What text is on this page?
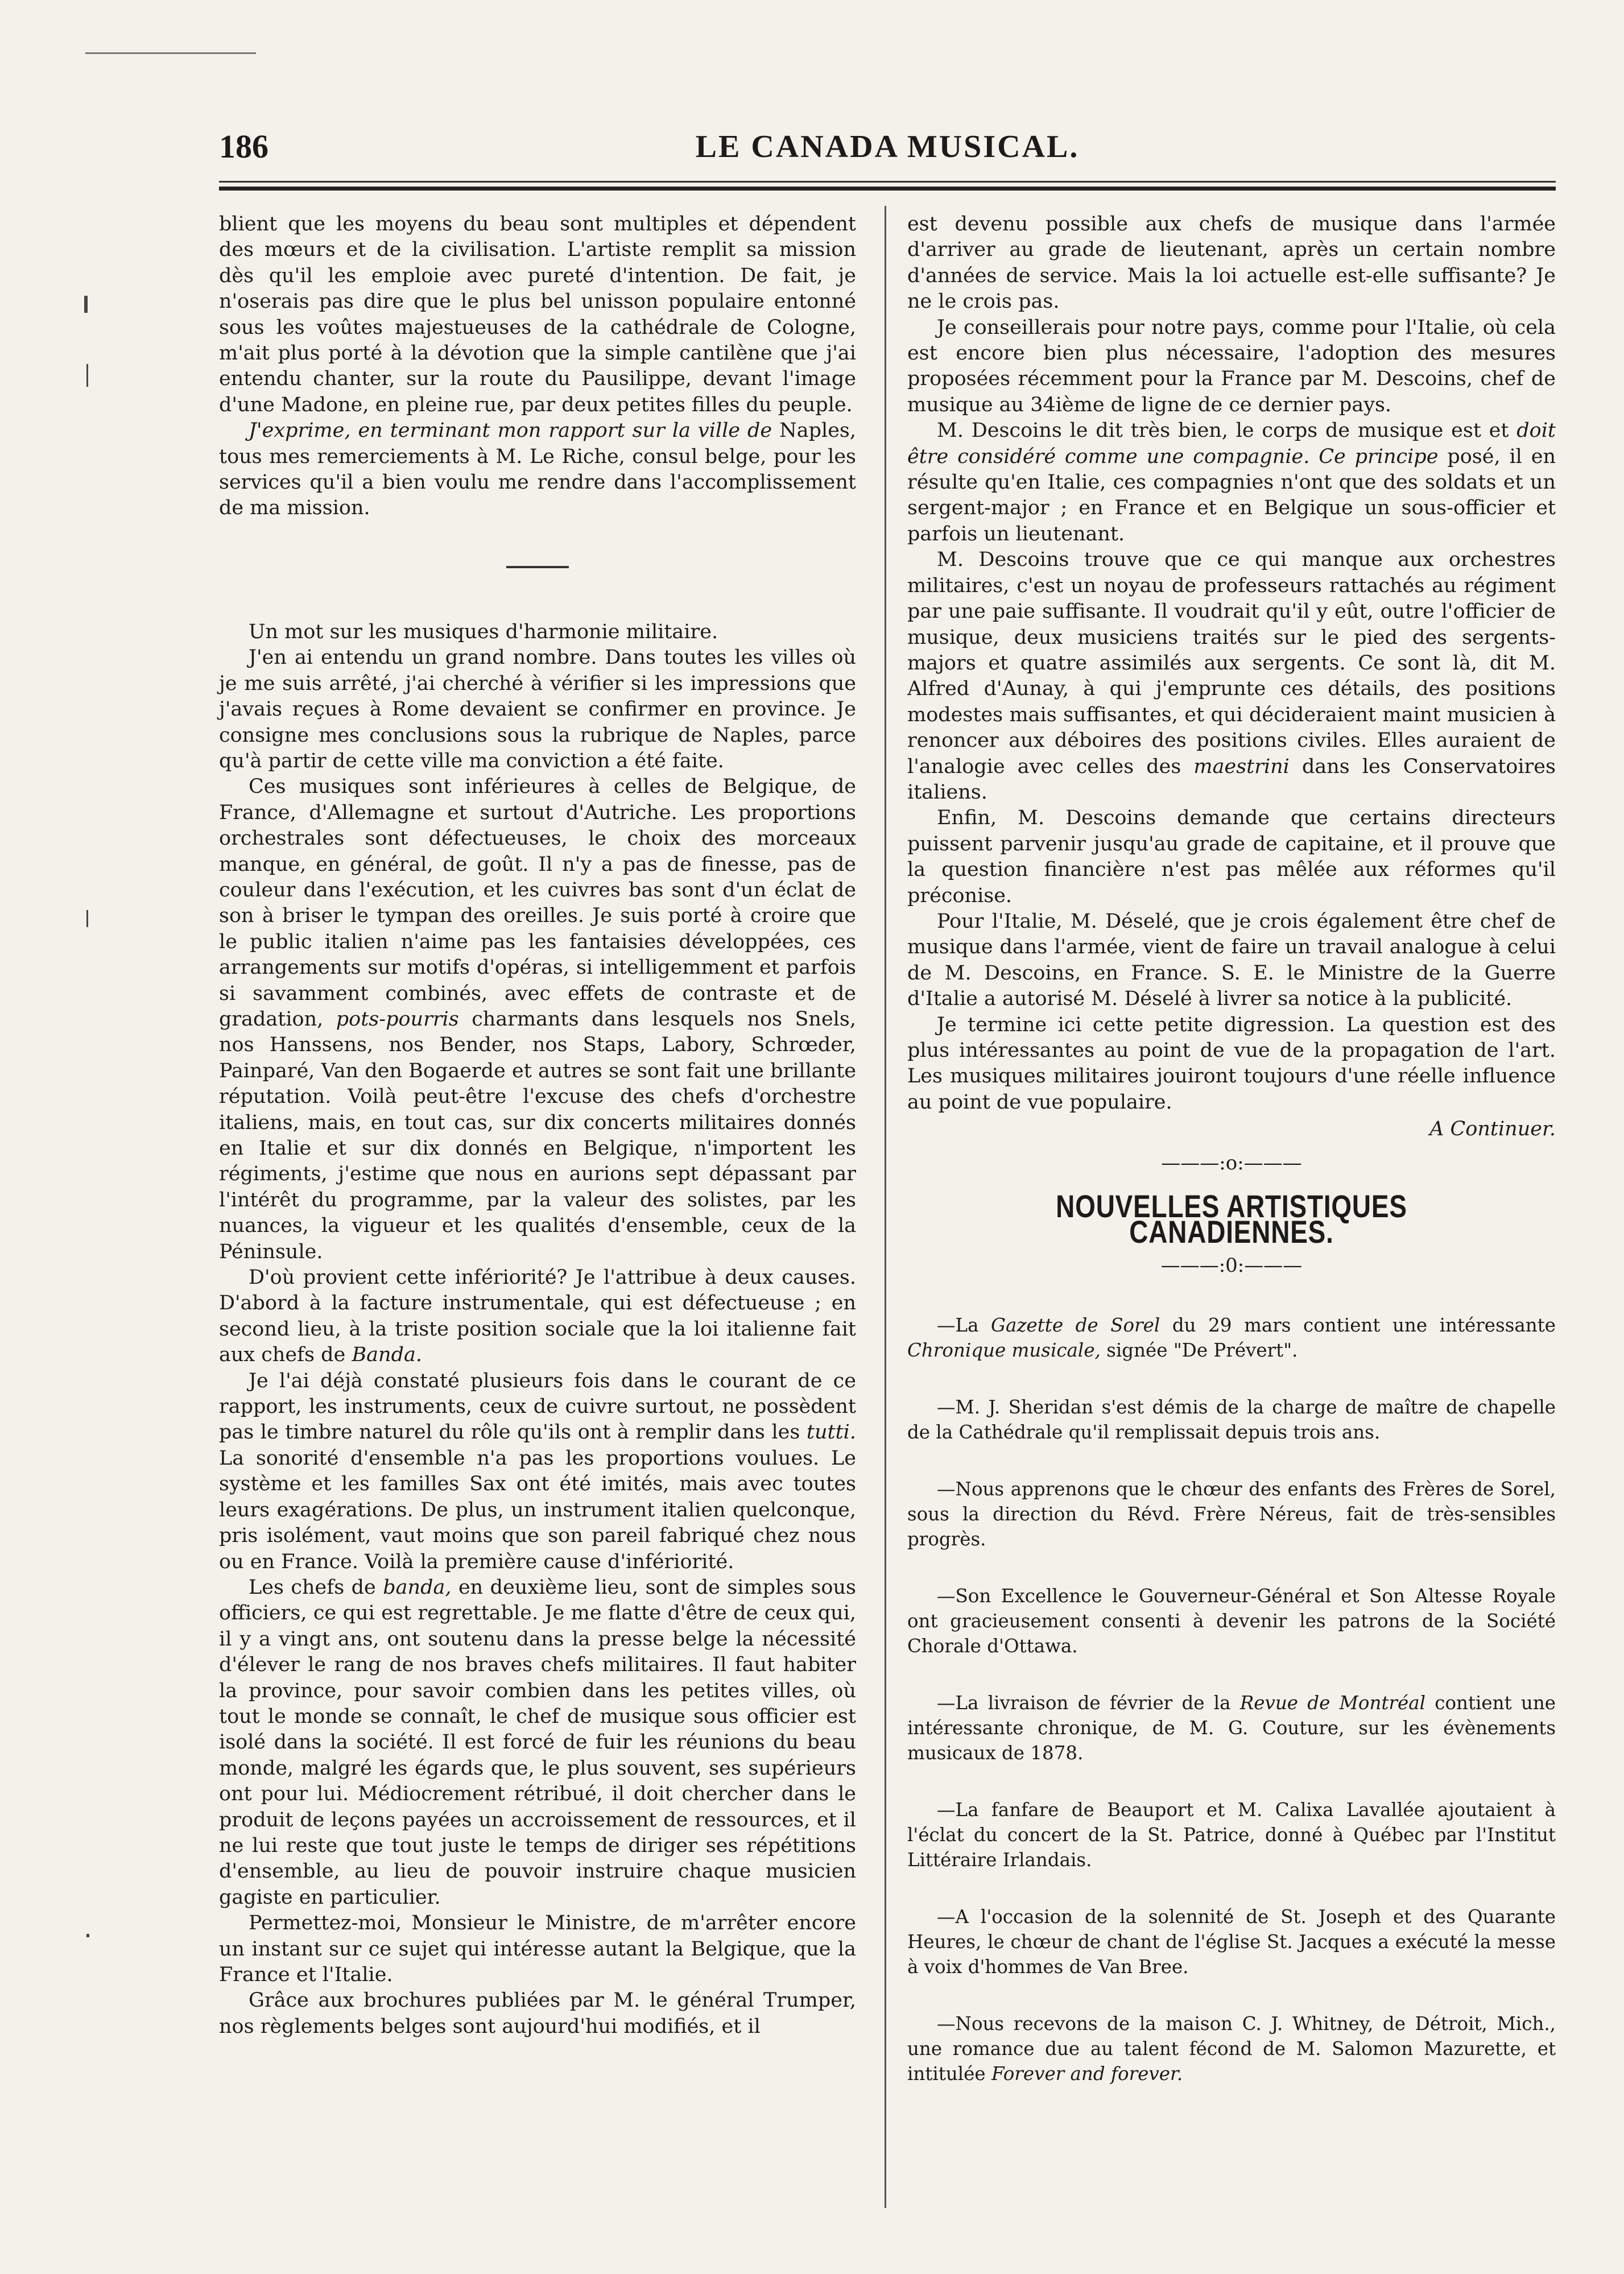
186	LE CANADA MUSICAL.

blient que les moyens du beau sont multiples et dépendent des mœurs et de la civilisation. L'artiste remplit sa mission dès qu'il les emploie avec pureté d'intention. De fait, je n'oserais pas dire que le plus bel unisson populaire entonné sous les voûtes majestueuses de la cathédrale de Cologne, m'ait plus porté à la dévotion que la simple cantilène que j'ai entendu chanter, sur la route du Pausilippe, devant l'image d'une Madone, en pleine rue, par deux petites filles du peuple.

J'exprime, en terminant mon rapport sur la ville de Naples, tous mes remerciements à M. Le Riche, consul belge, pour les services qu'il a bien voulu me rendre dans l'accomplissement de ma mission.

Un mot sur les musiques d'harmonie militaire.

J'en ai entendu un grand nombre. Dans toutes les villes où je me suis arrêté, j'ai cherché à vérifier si les impressions que j'avais reçues à Rome devaient se confirmer en province. Je consigne mes conclusions sous la rubrique de Naples, parce qu'à partir de cette ville ma conviction a été faite.

Ces musiques sont inférieures à celles de Belgique, de France, d'Allemagne et surtout d'Autriche. Les proportions orchestrales sont défectueuses, le choix des morceaux manque, en général, de goût. Il n'y a pas de finesse, pas de couleur dans l'exécution, et les cuivres bas sont d'un éclat de son à briser le tympan des oreilles. Je suis porté à croire que le public italien n'aime pas les fantaisies développées, ces arrangements sur motifs d'opéras, si intelligemment et parfois si savamment combinés, avec effets de contraste et de gradation, pots-pourris charmants dans lesquels nos Snels, nos Hanssens, nos Bender, nos Staps, Labory, Schrœder, Painparé, Van den Bogaerde et autres se sont fait une brillante réputation. Voilà peut-être l'excuse des chefs d'orchestre italiens, mais, en tout cas, sur dix concerts militaires donnés en Italie et sur dix donnés en Belgique, n'importent les régiments, j'estime que nous en aurions sept dépassant par l'intérêt du programme, par la valeur des solistes, par les nuances, la vigueur et les qualités d'ensemble, ceux de la Péninsule.

D'où provient cette infériorité? Je l'attribue à deux causes. D'abord à la facture instrumentale, qui est défectueuse ; en second lieu, à la triste position sociale que la loi italienne fait aux chefs de Banda.

Je l'ai déjà constaté plusieurs fois dans le courant de ce rapport, les instruments, ceux de cuivre surtout, ne possèdent pas le timbre naturel du rôle qu'ils ont à remplir dans les tutti. La sonorité d'ensemble n'a pas les proportions voulues. Le système et les familles Sax ont été imités, mais avec toutes leurs exagérations. De plus, un instrument italien quelconque, pris isolément, vaut moins que son pareil fabriqué chez nous ou en France. Voilà la première cause d'infériorité.

Les chefs de banda, en deuxième lieu, sont de simples sous officiers, ce qui est regrettable. Je me flatte d'être de ceux qui, il y a vingt ans, ont soutenu dans la presse belge la nécessité d'élever le rang de nos braves chefs militaires. Il faut habiter la province, pour savoir combien dans les petites villes, où tout le monde se connaît, le chef de musique sous officier est isolé dans la société. Il est forcé de fuir les réunions du beau monde, malgré les égards que, le plus souvent, ses supérieurs ont pour lui. Médiocrement rétribué, il doit chercher dans le produit de leçons payées un accroissement de ressources, et il ne lui reste que tout juste le temps de diriger ses répétitions d'ensemble, au lieu de pouvoir instruire chaque musicien gagiste en particulier.

Permettez-moi, Monsieur le Ministre, de m'arrêter encore un instant sur ce sujet qui intéresse autant la Belgique, que la France et l'Italie.

Grâce aux brochures publiées par M. le général Trumper, nos règlements belges sont aujourd'hui modifiés, et il

est devenu possible aux chefs de musique dans l'armée d'arriver au grade de lieutenant, après un certain nombre d'années de service. Mais la loi actuelle est-elle suffisante? Je ne le crois pas.

Je conseillerais pour notre pays, comme pour l'Italie, où cela est encore bien plus nécessaire, l'adoption des mesures proposées récemment pour la France par M. Descoins, chef de musique au 34ième de ligne de ce dernier pays.

M. Descoins le dit très bien, le corps de musique est et doit être considéré comme une compagnie. Ce principe posé, il en résulte qu'en Italie, ces compagnies n'ont que des soldats et un sergent-major ; en France et en Belgique un sous-officier et parfois un lieutenant.

M. Descoins trouve que ce qui manque aux orchestres militaires, c'est un noyau de professeurs rattachés au régiment par une paie suffisante. Il voudrait qu'il y eût, outre l'officier de musique, deux musiciens traités sur le pied des sergents-majors et quatre assimilés aux sergents. Ce sont là, dit M. Alfred d'Aunay, à qui j'emprunte ces détails, des positions modestes mais suffisantes, et qui décideraient maint musicien à renoncer aux déboires des positions civiles. Elles auraient de l'analogie avec celles des maestrini dans les Conservatoires italiens.

Enfin, M. Descoins demande que certains directeurs puissent parvenir jusqu'au grade de capitaine, et il prouve que la question financière n'est pas mêlée aux réformes qu'il préconise.

Pour l'Italie, M. Déselé, que je crois également être chef de musique dans l'armée, vient de faire un travail analogue à celui de M. Descoins, en France. S. E. le Ministre de la Guerre d'Italie a autorisé M. Déselé à livrer sa notice à la publicité.

Je termine ici cette petite digression. La question est des plus intéressantes au point de vue de la propagation de l'art. Les musiques militaires jouiront toujours d'une réelle influence au point de vue populaire.

A Continuer.
———:o:———
NOUVELLES ARTISTIQUES CANADIENNES.
———:0:———

—La Gazette de Sorel du 29 mars contient une intéressante Chronique musicale, signée "De Prévert".

—M. J. Sheridan s'est démis de la charge de maître de chapelle de la Cathédrale qu'il remplissait depuis trois ans.

—Nous apprenons que le chœur des enfants des Frères de Sorel, sous la direction du Révd. Frère Néreus, fait de très-sensibles progrès.

—Son Excellence le Gouverneur-Général et Son Altesse Royale ont gracieusement consenti à devenir les patrons de la Société Chorale d'Ottawa.

—La livraison de février de la Revue de Montréal contient une intéressante chronique, de M. G. Couture, sur les évènements musicaux de 1878.

—La fanfare de Beauport et M. Calixa Lavallée ajoutaient à l'éclat du concert de la St. Patrice, donné à Québec par l'Institut Littéraire Irlandais.

—A l'occasion de la solennité de St. Joseph et des Quarante Heures, le chœur de chant de l'église St. Jacques a exécuté la messe à voix d'hommes de Van Bree.

—Nous recevons de la maison C. J. Whitney, de Détroit, Mich., une romance due au talent fécond de M. Salomon Mazurette, et intitulée Forever and forever.
